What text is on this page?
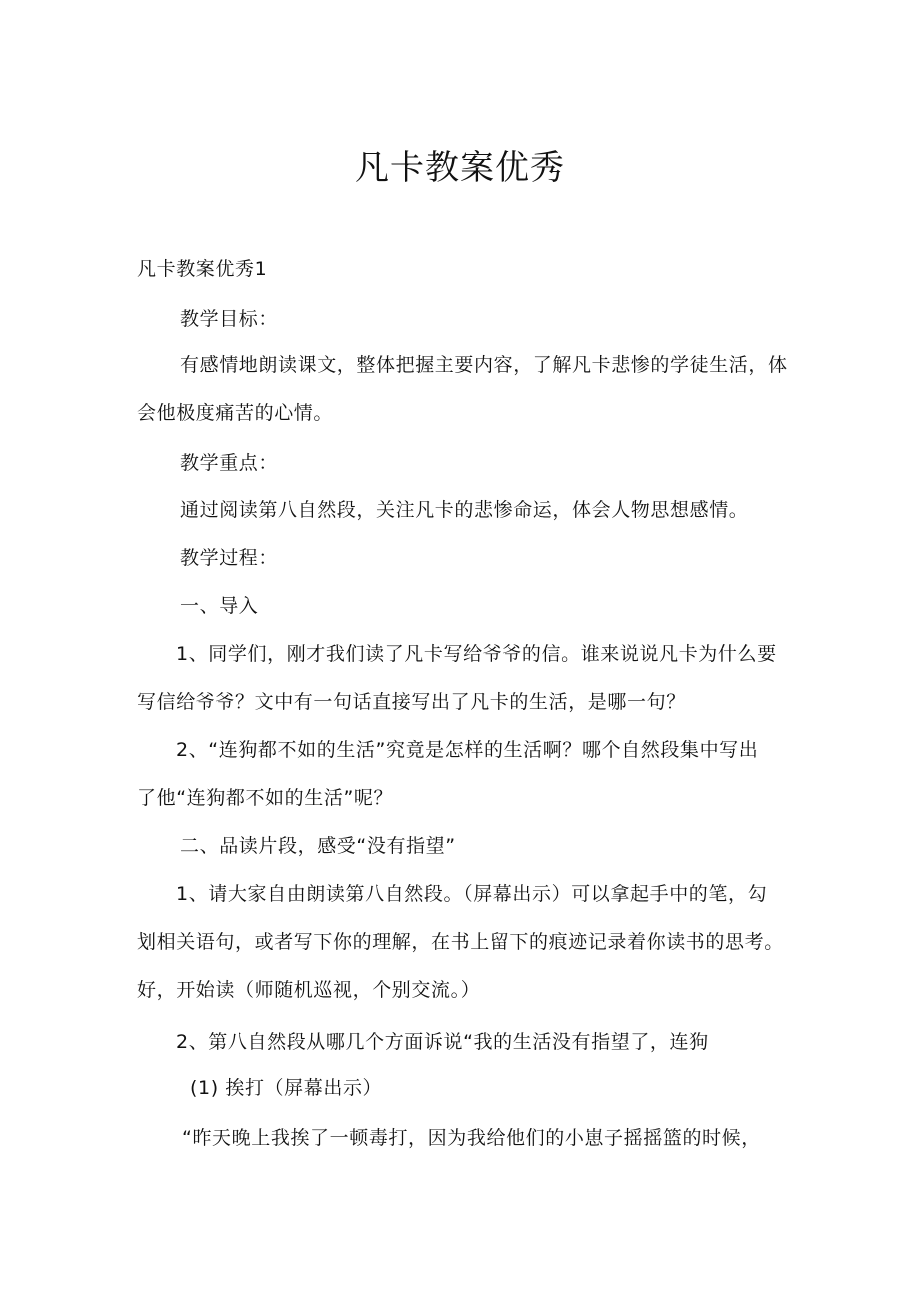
凡卡教案优秀
凡卡教案优秀1
教学目标：
有感情地朗读课文，整体把握主要内容，了解凡卡悲惨的学徒生活，体
会他极度痛苦的心情。
教学重点：
通过阅读第八自然段，关注凡卡的悲惨命运，体会人物思想感情。
教学过程：
一、导入
1、同学们，刚才我们读了凡卡写给爷爷的信。谁来说说凡卡为什么要
写信给爷爷？文中有一句话直接写出了凡卡的生活，是哪一句？
2、“连狗都不如的生活”究竟是怎样的生活啊？哪个自然段集中写出
了他“连狗都不如的生活”呢？
二、品读片段，感受“没有指望”
1、请大家自由朗读第八自然段。（屏幕出示）可以拿起手中的笔，勾
划相关语句，或者写下你的理解，在书上留下的痕迹记录着你读书的思考。
好，开始读（师随机巡视，个别交流。）
2、第八自然段从哪几个方面诉说“我的生活没有指望了，连狗
(1) 挨打（屏幕出示）
“昨天晚上我挨了一顿毒打，因为我给他们的小崽子摇摇篮的时候，
